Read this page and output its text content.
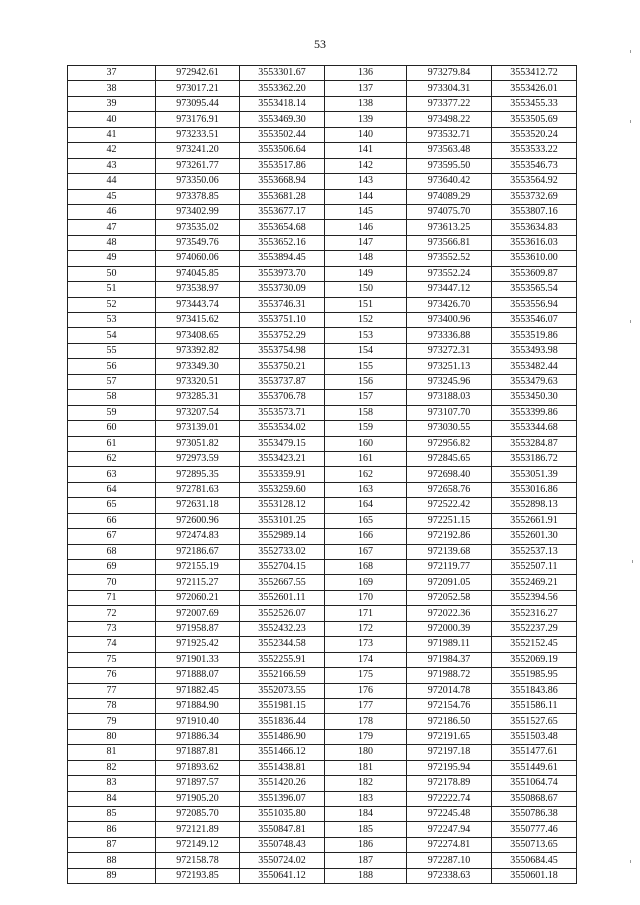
53
37	972942.61	3553301.67	136	973279.84	3553412.72
38	973017.21	3553362.20	137	973304.31	3553426.01
39	973095.44	3553418.14	138	973377.22	3553455.33
40	973176.91	3553469.30	139	973498.22	3553505.69
41	973233.51	3553502.44	140	973532.71	3553520.24
42	973241.20	3553506.64	141	973563.48	3553533.22
43	973261.77	3553517.86	142	973595.50	3553546.73
44	973350.06	3553668.94	143	973640.42	3553564.92
45	973378.85	3553681.28	144	974089.29	3553732.69
46	973402.99	3553677.17	145	974075.70	3553807.16
47	973535.02	3553654.68	146	973613.25	3553634.83
48	973549.76	3553652.16	147	973566.81	3553616.03
49	974060.06	3553894.45	148	973552.52	3553610.00
50	974045.85	3553973.70	149	973552.24	3553609.87
51	973538.97	3553730.09	150	973447.12	3553565.54
52	973443.74	3553746.31	151	973426.70	3553556.94
53	973415.62	3553751.10	152	973400.96	3553546.07
54	973408.65	3553752.29	153	973336.88	3553519.86
55	973392.82	3553754.98	154	973272.31	3553493.98
56	973349.30	3553750.21	155	973251.13	3553482.44
57	973320.51	3553737.87	156	973245.96	3553479.63
58	973285.31	3553706.78	157	973188.03	3553450.30
59	973207.54	3553573.71	158	973107.70	3553399.86
60	973139.01	3553534.02	159	973030.55	3553344.68
61	973051.82	3553479.15	160	972956.82	3553284.87
62	972973.59	3553423.21	161	972845.65	3553186.72
63	972895.35	3553359.91	162	972698.40	3553051.39
64	972781.63	3553259.60	163	972658.76	3553016.86
65	972631.18	3553128.12	164	972522.42	3552898.13
66	972600.96	3553101.25	165	972251.15	3552661.91
67	972474.83	3552989.14	166	972192.86	3552601.30
68	972186.67	3552733.02	167	972139.68	3552537.13
69	972155.19	3552704.15	168	972119.77	3552507.11
70	972115.27	3552667.55	169	972091.05	3552469.21
71	972060.21	3552601.11	170	972052.58	3552394.56
72	972007.69	3552526.07	171	972022.36	3552316.27
73	971958.87	3552432.23	172	972000.39	3552237.29
74	971925.42	3552344.58	173	971989.11	3552152.45
75	971901.33	3552255.91	174	971984.37	3552069.19
76	971888.07	3552166.59	175	971988.72	3551985.95
77	971882.45	3552073.55	176	972014.78	3551843.86
78	971884.90	3551981.15	177	972154.76	3551586.11
79	971910.40	3551836.44	178	972186.50	3551527.65
80	971886.34	3551486.90	179	972191.65	3551503.48
81	971887.81	3551466.12	180	972197.18	3551477.61
82	971893.62	3551438.81	181	972195.94	3551449.61
83	971897.57	3551420.26	182	972178.89	3551064.74
84	971905.20	3551396.07	183	972222.74	3550868.67
85	972085.70	3551035.80	184	972245.48	3550786.38
86	972121.89	3550847.81	185	972247.94	3550777.46
87	972149.12	3550748.43	186	972274.81	3550713.65
88	972158.78	3550724.02	187	972287.10	3550684.45
89	972193.85	3550641.12	188	972338.63	3550601.18
